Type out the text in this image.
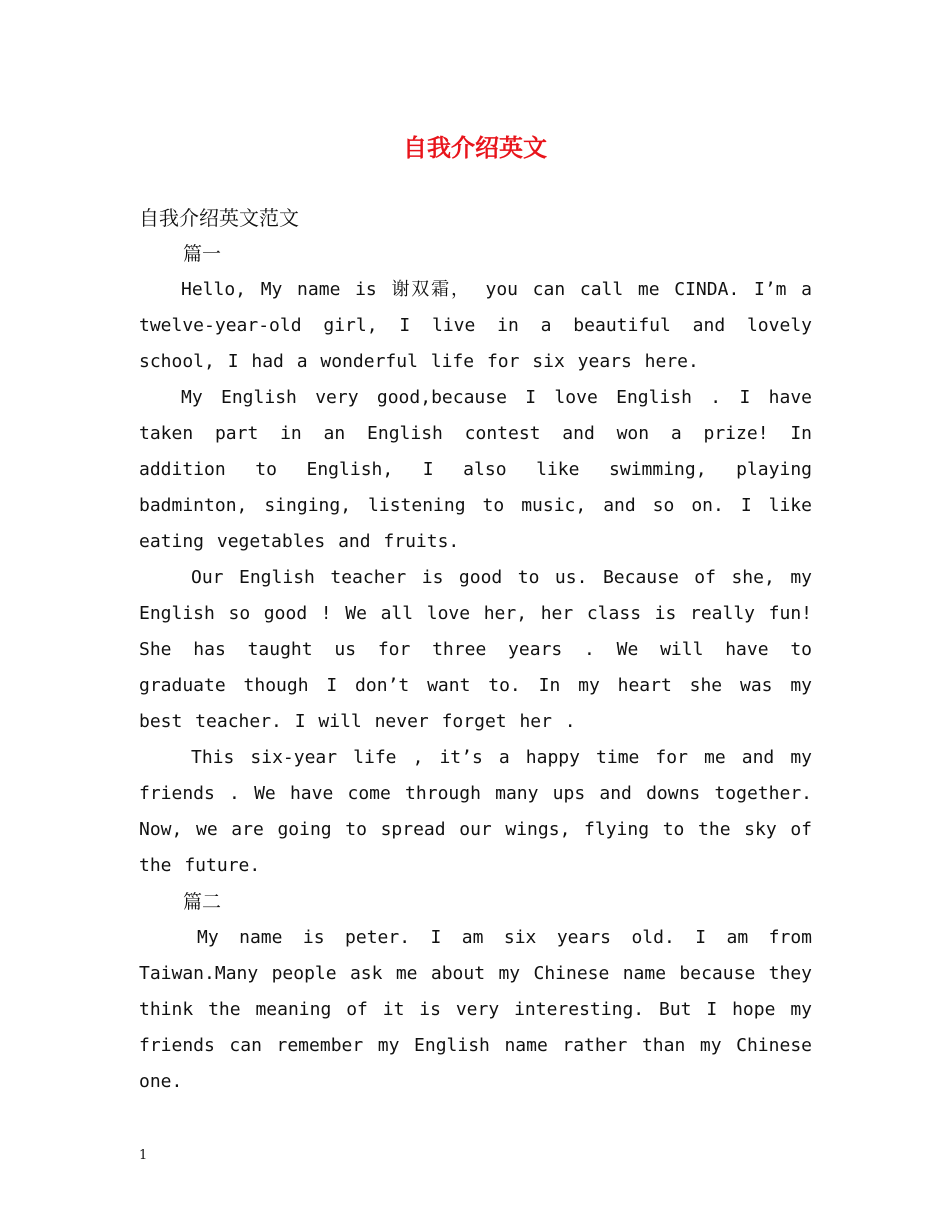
自我介绍英文

自我介绍英文范文

篇一

Hello, My name is 谢双霜， you can call me CINDA. I’m a twelve-year-old girl, I live in a beautiful and lovely school, I had a wonderful life for six years here.

My English very good,because I love English . I have taken part in an English contest and won a prize! In addition to English, I also like swimming, playing badminton, singing, listening to music, and so on. I like eating vegetables and fruits.

Our English teacher is good to us. Because of she, my English so good ! We all love her, her class is really fun! She has taught us for three years . We will have to graduate though I don’t want to. In my heart she was my best teacher. I will never forget her .

This six-year life , it’s a happy time for me and my friends . We have come through many ups and downs together. Now, we are going to spread our wings, flying to the sky of the future.

篇二

My name is peter. I am six years old. I am from Taiwan.Many people ask me about my Chinese name because they think the meaning of it is very interesting. But I hope my friends can remember my English name rather than my Chinese one.

1
